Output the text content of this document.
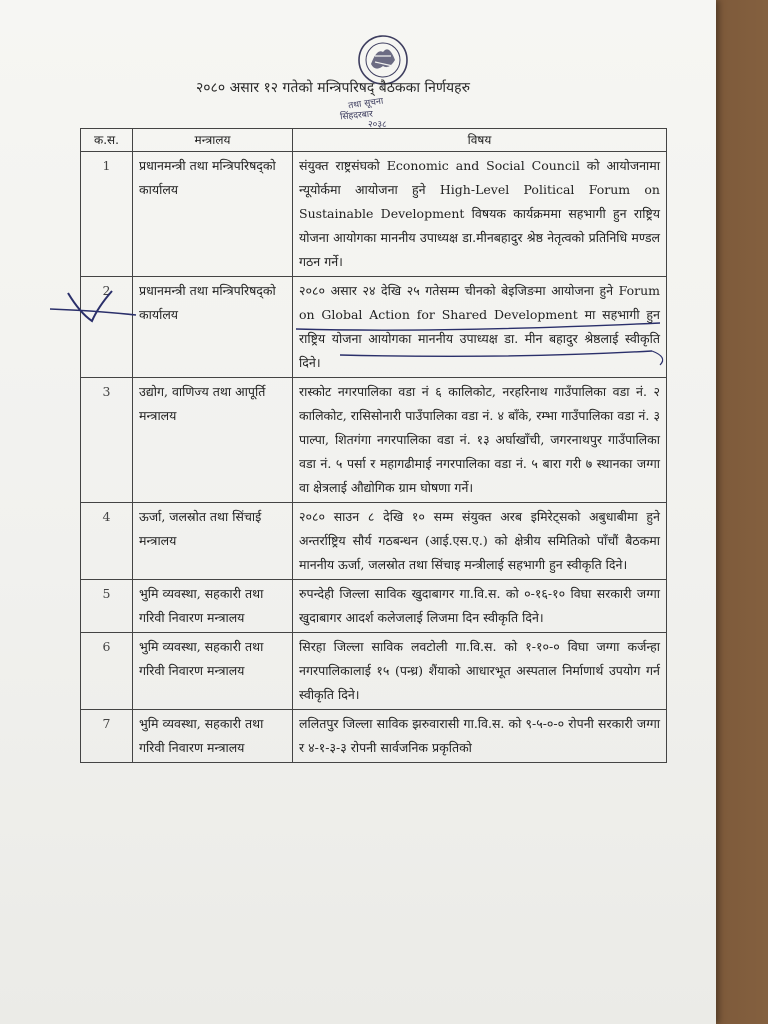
तथा सूचना
सिंहदरबार
२०३८
२०८० असार १२ गतेको मन्त्रिपरिषद् बैठकका निर्णयहरु
क.स.	मन्त्रालय	विषय
1	प्रधानमन्त्री तथा मन्त्रिपरिषद्को कार्यालय	संयुक्त राष्ट्रसंघको Economic and Social Council को आयोजनामा न्यूयोर्कमा आयोजना हुने High-Level Political Forum on Sustainable Development विषयक कार्यक्रममा सहभागी हुन राष्ट्रिय योजना आयोगका माननीय उपाध्यक्ष डा.मीनबहादुर श्रेष्ठ नेतृत्वको प्रतिनिधि मण्डल गठन गर्ने।
2	प्रधानमन्त्री तथा मन्त्रिपरिषद्को कार्यालय	२०८० असार २४ देखि २५ गतेसम्म चीनको बेइजिङमा आयोजना हुने Forum on Global Action for Shared Development मा सहभागी हुन राष्ट्रिय योजना आयोगका माननीय उपाध्यक्ष डा. मीन बहादुर श्रेष्ठलाई स्वीकृति दिने।
3	उद्योग, वाणिज्य तथा आपूर्ति मन्त्रालय	रास्कोट नगरपालिका वडा नं ६ कालिकोट, नरहरिनाथ गाउँपालिका वडा नं. २ कालिकोट, रासिसोनारी पाउँपालिका वडा नं. ४ बाँके, रम्भा गाउँपालिका वडा नं. ३ पाल्पा, शितगंगा नगरपालिका वडा नं. १३ अर्घाखाँची, जगरनाथपुर गाउँपालिका वडा नं. ५ पर्सा र महागढीमाई नगरपालिका वडा नं. ५ बारा गरी ७ स्थानका जग्गा वा क्षेत्रलाई औद्योगिक ग्राम घोषणा गर्ने।
4	ऊर्जा, जलस्रोत तथा सिंचाई मन्त्रालय	२०८० साउन ८ देखि १० सम्म संयुक्त अरब इमिरेट्सको अबुधाबीमा हुने अन्तर्राष्ट्रिय सौर्य गठबन्धन (आई.एस.ए.) को क्षेत्रीय समितिको पाँचौं बैठकमा माननीय ऊर्जा, जलस्रोत तथा सिंचाइ मन्त्रीलाई सहभागी हुन स्वीकृति दिने।
5	भुमि व्यवस्था, सहकारी तथा गरिवी निवारण मन्त्रालय	रुपन्देही जिल्ला साविक खुदाबागर गा.वि.स. को ०-१६-१० विघा सरकारी जग्गा खुदाबागर आदर्श कलेजलाई लिजमा दिन स्वीकृति दिने।
6	भुमि व्यवस्था, सहकारी तथा गरिवी निवारण मन्त्रालय	सिरहा जिल्ला साविक लवटोली गा.वि.स. को १-१०-० विघा जग्गा कर्जन्हा नगरपालिकालाई १५ (पन्ध्र) शैंयाको आधारभूत अस्पताल निर्माणार्थ उपयोग गर्न स्वीकृति दिने।
7	भुमि व्यवस्था, सहकारी तथा गरिवी निवारण मन्त्रालय	ललितपुर जिल्ला साविक झरुवारासी गा.वि.स. को ९-५-०-० रोपनी सरकारी जग्गा र ४-१-३-३ रोपनी सार्वजनिक प्रकृतिको
